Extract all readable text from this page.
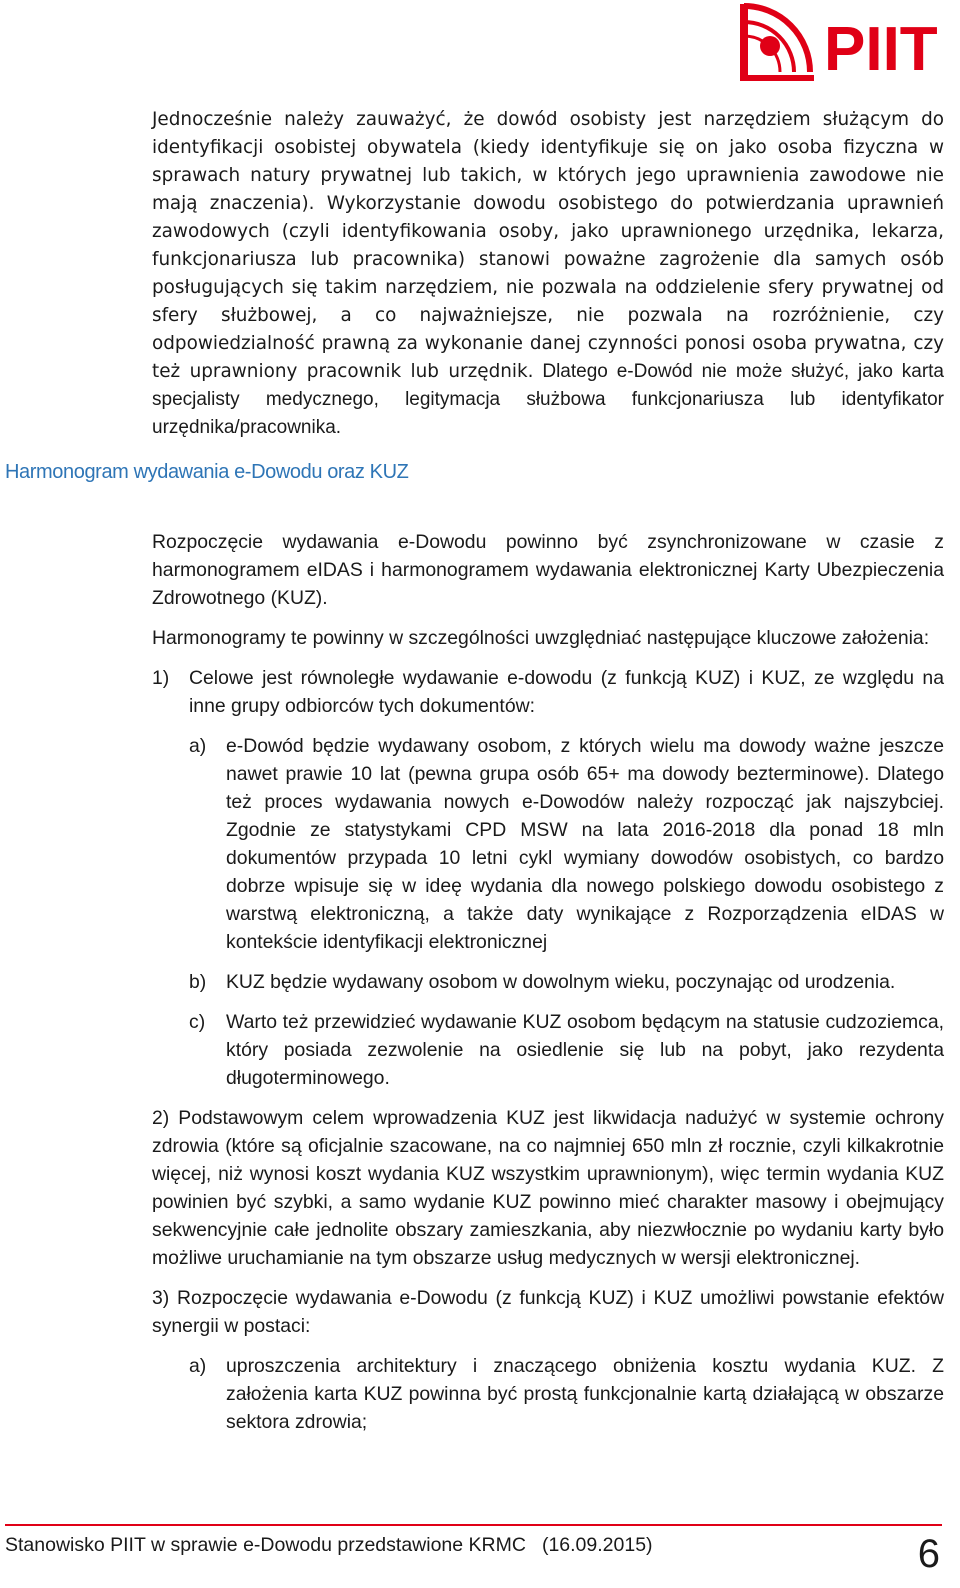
PIIT

Jednocześnie należy zauważyć, że dowód osobisty jest narzędziem służącym do identyfikacji osobistej obywatela (kiedy identyfikuje się on jako osoba fizyczna w sprawach natury prywatnej lub takich, w których jego uprawnienia zawodowe nie mają znaczenia). Wykorzystanie dowodu osobistego do potwierdzania uprawnień zawodowych (czyli identyfikowania osoby, jako uprawnionego urzędnika, lekarza, funkcjonariusza lub pracownika) stanowi poważne zagrożenie dla samych osób posługujących się takim narzędziem, nie pozwala na oddzielenie sfery prywatnej od sfery służbowej, a co najważniejsze, nie pozwala na rozróżnienie, czy odpowiedzialność prawną za wykonanie danej czynności ponosi osoba prywatna, czy też uprawniony pracownik lub urzędnik. Dlatego e-Dowód nie może służyć, jako karta specjalisty medycznego, legitymacja służbowa funkcjonariusza lub identyfikator urzędnika/pracownika.

Harmonogram wydawania e-Dowodu oraz KUZ

Rozpoczęcie wydawania e-Dowodu powinno być zsynchronizowane w czasie z harmonogramem eIDAS i harmonogramem wydawania elektronicznej Karty Ubezpieczenia Zdrowotnego (KUZ).

Harmonogramy te powinny w szczególności uwzględniać następujące kluczowe założenia:

1) Celowe jest równoległe wydawanie e-dowodu (z funkcją KUZ) i KUZ, ze względu na inne grupy odbiorców tych dokumentów:
a) e-Dowód będzie wydawany osobom, z których wielu ma dowody ważne jeszcze nawet prawie 10 lat (pewna grupa osób 65+ ma dowody bezterminowe). Dlatego też proces wydawania nowych e-Dowodów należy rozpocząć jak najszybciej. Zgodnie ze statystykami CPD MSW na lata 2016-2018 dla ponad 18 mln dokumentów przypada 10 letni cykl wymiany dowodów osobistych, co bardzo dobrze wpisuje się w ideę wydania dla nowego polskiego dowodu osobistego z warstwą elektroniczną, a także daty wynikające z Rozporządzenia eIDAS w kontekście identyfikacji elektronicznej
b) KUZ będzie wydawany osobom w dowolnym wieku, poczynając od urodzenia.
c) Warto też przewidzieć wydawanie KUZ osobom będącym na statusie cudzoziemca, który posiada zezwolenie na osiedlenie się lub na pobyt, jako rezydenta długoterminowego.

2) Podstawowym celem wprowadzenia KUZ jest likwidacja nadużyć w systemie ochrony zdrowia (które są oficjalnie szacowane, na co najmniej 650 mln zł rocznie, czyli kilkakrotnie więcej, niż wynosi koszt wydania KUZ wszystkim uprawnionym), więc termin wydania KUZ powinien być szybki, a samo wydanie KUZ powinno mieć charakter masowy i obejmujący sekwencyjnie całe jednolite obszary zamieszkania, aby niezwłocznie po wydaniu karty było możliwe uruchamianie na tym obszarze usług medycznych w wersji elektronicznej.

3) Rozpoczęcie wydawania e-Dowodu (z funkcją KUZ) i KUZ umożliwi powstanie efektów synergii w postaci:

a) uproszczenia architektury i znaczącego obniżenia kosztu wydania KUZ. Z założenia karta KUZ powinna być prostą funkcjonalnie kartą działającą w obszarze sektora zdrowia;
Stanowisko PIIT w sprawie e-Dowodu przedstawione KRMC (16.09.2015)	6
